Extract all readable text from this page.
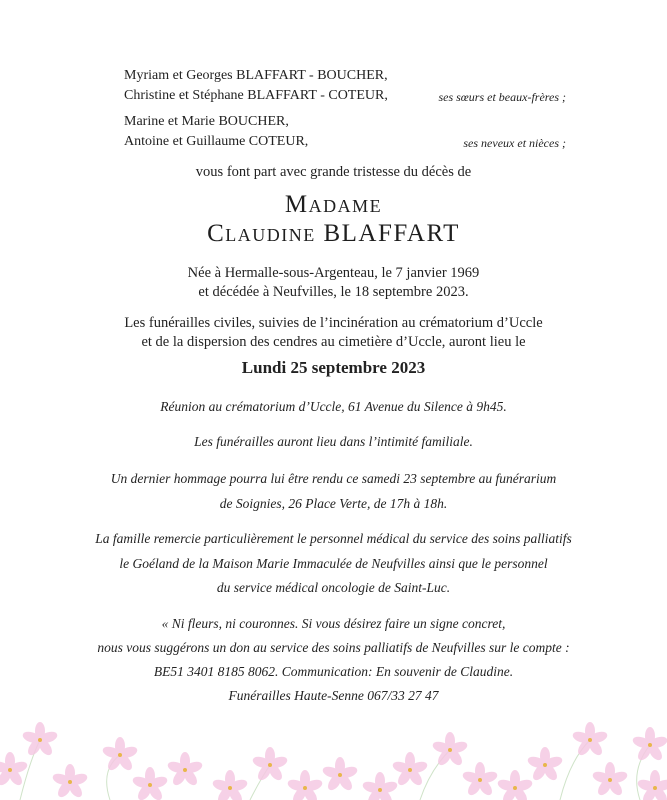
Myriam et Georges BLAFFART - BOUCHER,
Christine et Stéphane BLAFFART - COTEUR,	ses sœurs et beaux-frères ;
Marine et Marie BOUCHER,
Antoine et Guillaume COTEUR,	ses neveux et nièces ;
vous font part avec grande tristesse du décès de
Madame
Claudine BLAFFART
Née à Hermalle-sous-Argenteau, le 7 janvier 1969
et décédée à Neufvilles, le 18 septembre 2023.
Les funérailles civiles, suivies de l’incinération au crématorium d’Uccle
et de la dispersion des cendres au cimetière d’Uccle, auront lieu le
Lundi 25 septembre 2023
Réunion au crématorium d’Uccle, 61 Avenue du Silence à 9h45.
Les funérailles auront lieu dans l’intimité familiale.
Un dernier hommage pourra lui être rendu ce samedi 23 septembre au funérarium
de Soignies, 26 Place Verte, de 17h à 18h.
La famille remercie particulièrement le personnel médical du service des soins palliatifs
le Goéland de la Maison Marie Immaculée de Neufvilles ainsi que le personnel
du service médical oncologie de Saint-Luc.
« Ni fleurs, ni couronnes. Si vous désirez faire un signe concret,
nous vous suggérons un don au service des soins palliatifs de Neufvilles sur le compte :
BE51 3401 8185 8062. Communication: En souvenir de Claudine.
Funérailles Haute-Senne 067/33 27 47
